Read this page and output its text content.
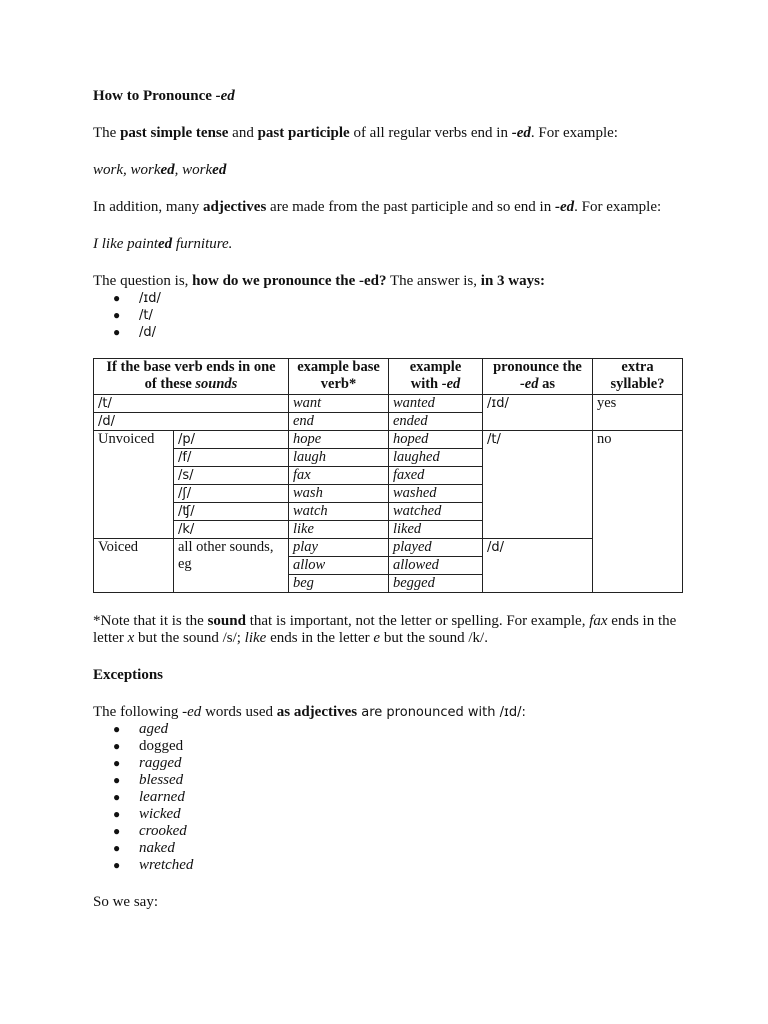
How to Pronounce -ed

The past simple tense and past participle of all regular verbs end in -ed. For example:

work, worked, worked

In addition, many adjectives are made from the past participle and so end in -ed. For example:

I like painted furniture.

The question is, how do we pronounce the -ed? The answer is, in 3 ways:

● /ɪd/
● /t/
● /d/
If the base verb ends in one
of these sounds		example base verb*	example
with -ed	pronounce the
-ed as	extra syllable?
/t/		want	wanted	/ɪd/	yes
/d/		end	ended		
Unvoiced	/p/	hope	hoped	/t/	no
	/f/	laugh	laughed		
	/s/	fax	faxed		
	/ʃ/	wash	washed		
	/ʧ/	watch	watched		
	/k/	like	liked		
Voiced	all other sounds, eg	play	played	/d/	
		allow	allowed		
		beg	begged		

*Note that it is the sound that is important, not the letter or spelling. For example, fax ends in the letter x but the sound /s/; like ends in the letter e but the sound /k/.

Exceptions

The following -ed words used as adjectives are pronounced with /ɪd/:

● aged
● dogged
● ragged
● blessed
● learned
● wicked
● crooked
● naked
● wretched

So we say:
